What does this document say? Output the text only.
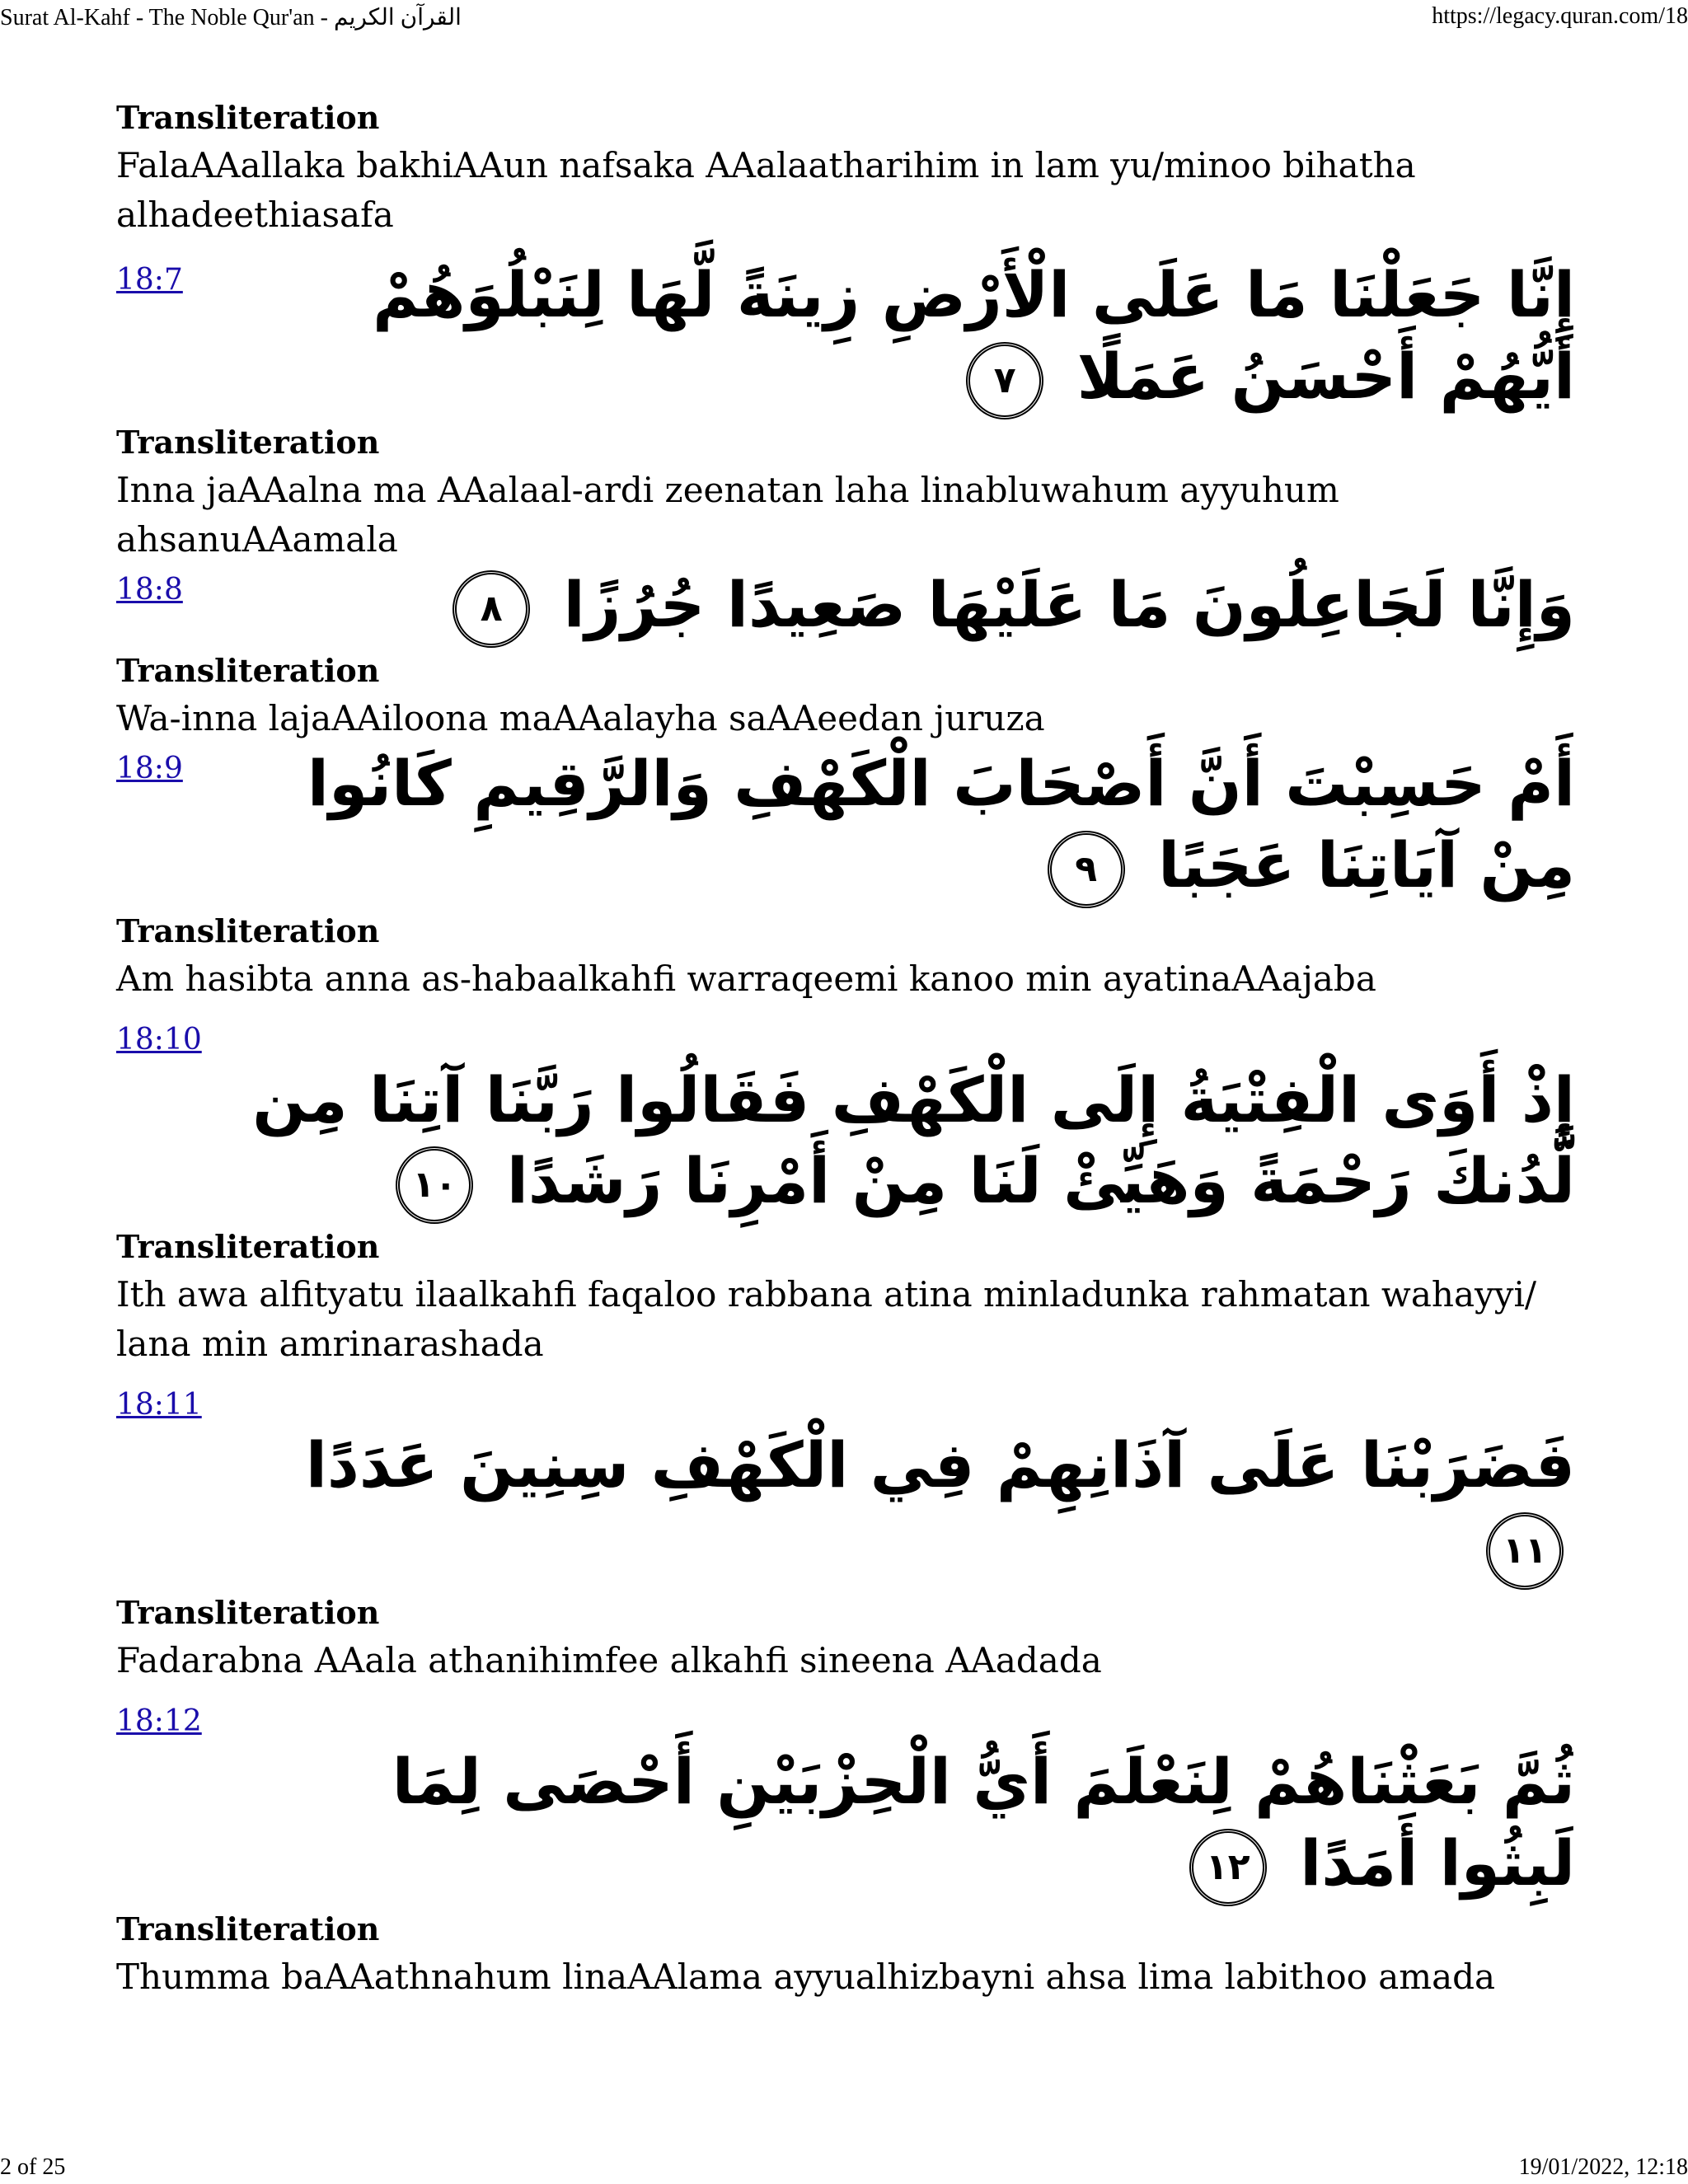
Surat Al-Kahf - The Noble Qur'an - القرآن الكريم	https://legacy.quran.com/18

Transliteration

FalaAAallaka bakhiAAun nafsaka AAalaatharihim in lam yu/minoo bihatha alhadeethiasafa

18:7	إِنَّا جَعَلْنَا مَا عَلَى الْأَرْضِ زِينَةً لَّهَا لِنَبْلُوَهُمْ أَيُّهُمْ أَحْسَنُ عَمَلًا ٧

Transliteration

Inna jaAAalna ma AAalaal-ardi zeenatan laha linabluwahum ayyuhum ahsanuAAamala

18:8	وَإِنَّا لَجَاعِلُونَ مَا عَلَيْهَا صَعِيدًا جُرُزًا ٨

Transliteration

Wa-inna lajaAAiloona maAAalayha saAAeedan juruza

18:9	أَمْ حَسِبْتَ أَنَّ أَصْحَابَ الْكَهْفِ وَالرَّقِيمِ كَانُوا مِنْ آيَاتِنَا عَجَبًا ٩

Transliteration

Am hasibta anna as-habaalkahfi warraqeemi kanoo min ayatinaAAajaba

18:10

إِذْ أَوَى الْفِتْيَةُ إِلَى الْكَهْفِ فَقَالُوا رَبَّنَا آتِنَا مِن لَّدُنكَ رَحْمَةً وَهَيِّئْ لَنَا مِنْ أَمْرِنَا رَشَدًا ١٠

Transliteration

Ith awa alfityatu ilaalkahfi faqaloo rabbana atina minladunka rahmatan wahayyi/ lana min amrinarashada

18:11

فَضَرَبْنَا عَلَى آذَانِهِمْ فِي الْكَهْفِ سِنِينَ عَدَدًا ١١

Transliteration

Fadarabna AAala athanihimfee alkahfi sineena AAadada

18:12

ثُمَّ بَعَثْنَاهُمْ لِنَعْلَمَ أَيُّ الْحِزْبَيْنِ أَحْصَى لِمَا لَبِثُوا أَمَدًا ١٢

Transliteration

Thumma baAAathnahum linaAAlama ayyualhizbayni ahsa lima labithoo amada

2 of 25	19/01/2022, 12:18
